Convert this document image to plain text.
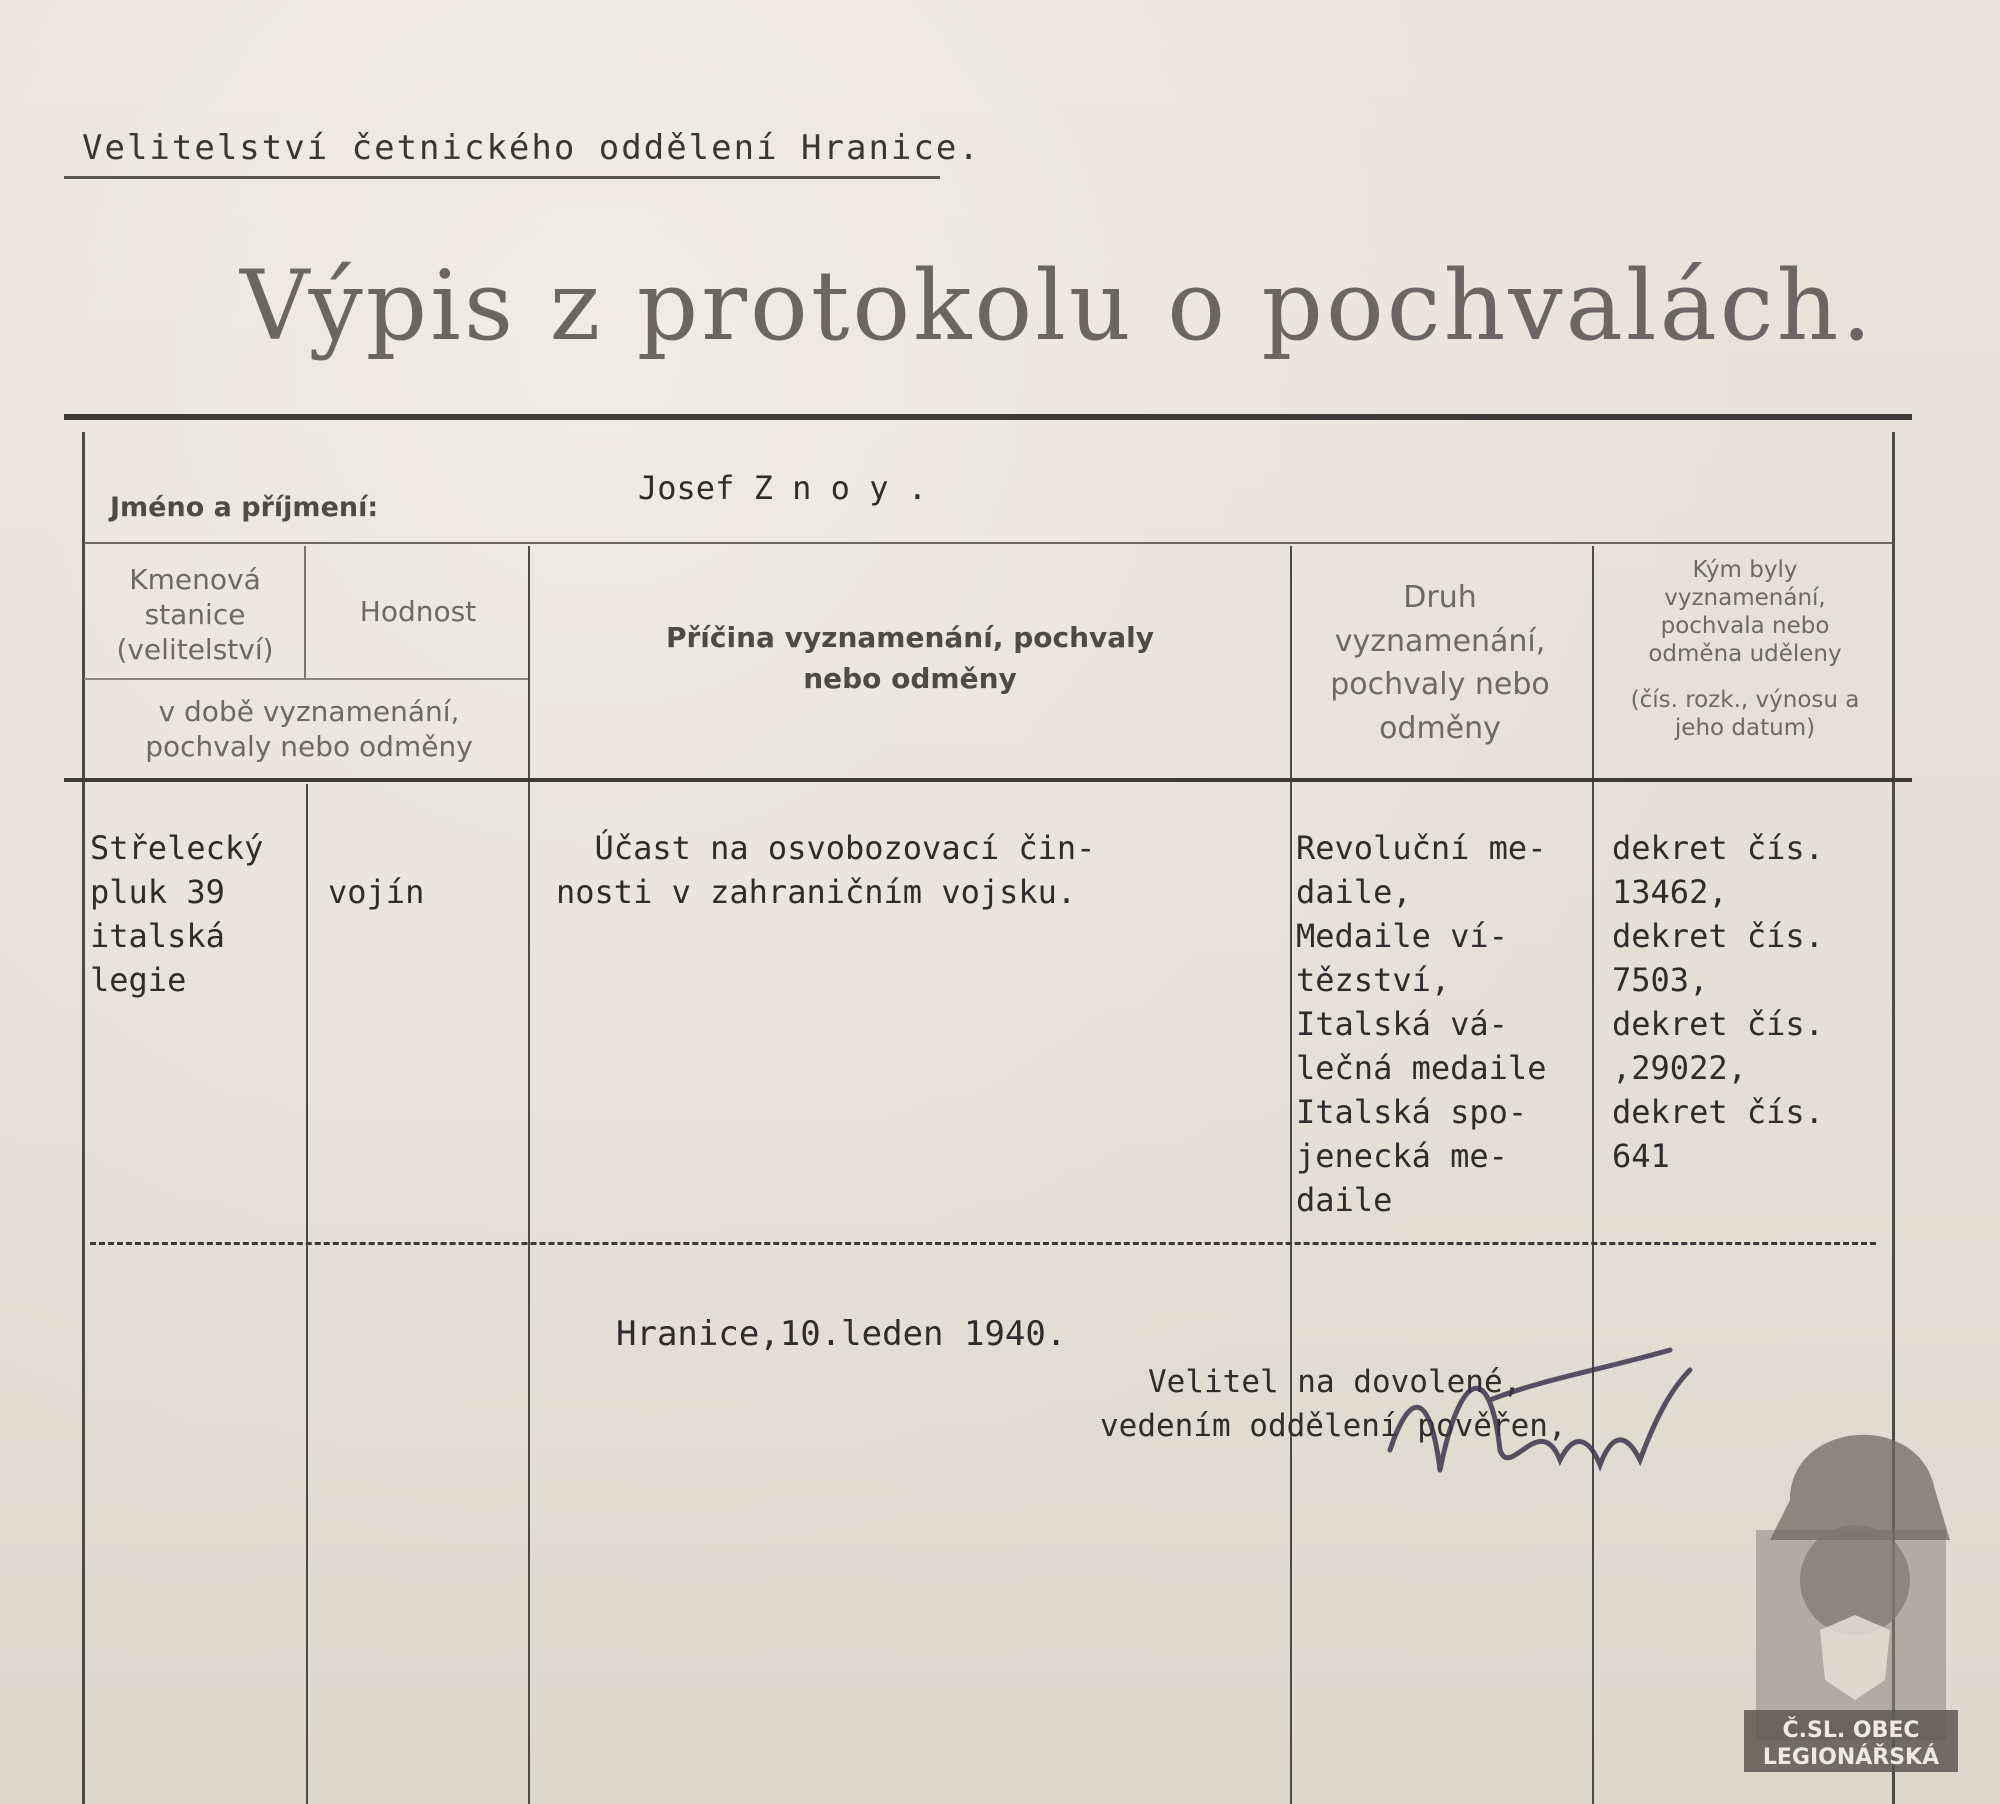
Velitelství četnického oddělení Hranice.
Výpis z protokolu o pochvalách.
Jméno a příjmení:
Josef Z n o y .
Kmenová stanice (velitelství)
Hodnost
v době vyznamenání, pochvaly nebo odměny
Příčina vyznamenání, pochvaly nebo odměny
Druh vyznamenání, pochvaly nebo odměny
Kým byly vyznamenání, pochvala nebo odměna uděleny
(čís. rozk., výnosu a jeho datum)
Střelecký
pluk 39
italská
legie
vojín
Účast na osvobozovací čin-
nosti v zahraničním vojsku.
Revoluční me-
daile,
Medaile ví-
tězství,
Italská vá-
lečná medaile
Italská spo-
jenecká me-
daile
dekret čís.
13462,
dekret čís.
7503,
dekret čís.
,29022,
dekret čís.
641
Hranice,10.leden 1940.
Velitel na dovolené,
vedením oddělení pověřen,
Č.SL. OBEC
LEGIONÁŘSKÁ
